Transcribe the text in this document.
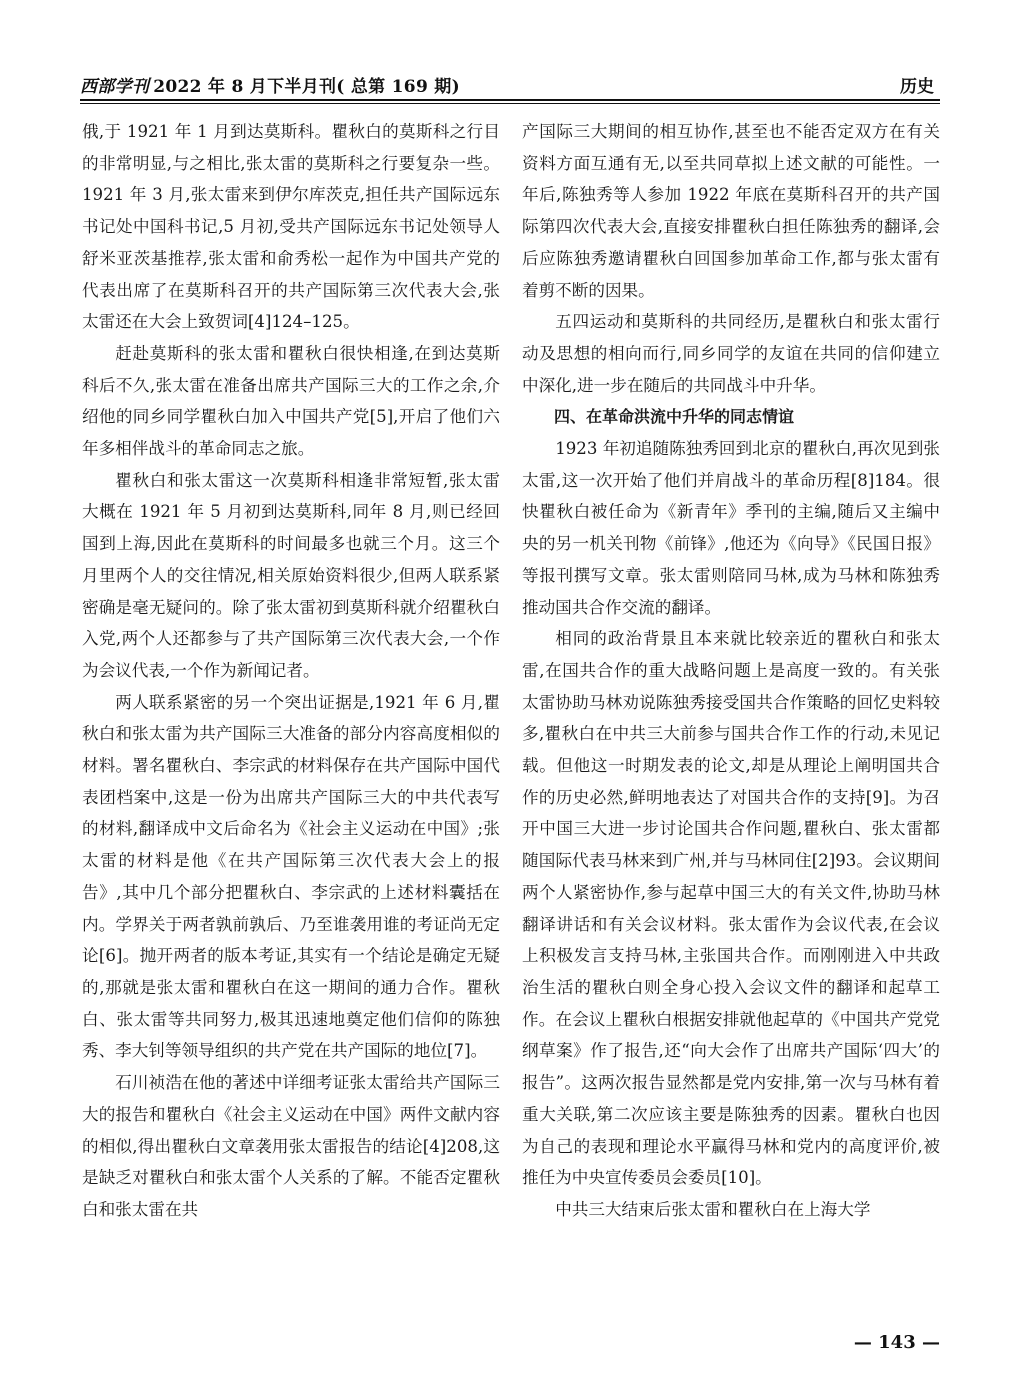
西部学刊 2022 年 8 月下半月刊( 总第 169 期)	历史

俄,于 1921 年 1 月到达莫斯科。瞿秋白的莫斯科之行目的非常明显,与之相比,张太雷的莫斯科之行要复杂一些。1921 年 3 月,张太雷来到伊尔库茨克,担任共产国际远东书记处中国科书记,5 月初,受共产国际远东书记处领导人舒米亚茨基推荐,张太雷和俞秀松一起作为中国共产党的代表出席了在莫斯科召开的共产国际第三次代表大会,张太雷还在大会上致贺词[4]124–125。

赶赴莫斯科的张太雷和瞿秋白很快相逢,在到达莫斯科后不久,张太雷在准备出席共产国际三大的工作之余,介绍他的同乡同学瞿秋白加入中国共产党[5],开启了他们六年多相伴战斗的革命同志之旅。

瞿秋白和张太雷这一次莫斯科相逢非常短暂,张太雷大概在 1921 年 5 月初到达莫斯科,同年 8 月,则已经回国到上海,因此在莫斯科的时间最多也就三个月。这三个月里两个人的交往情况,相关原始资料很少,但两人联系紧密确是毫无疑问的。除了张太雷初到莫斯科就介绍瞿秋白入党,两个人还都参与了共产国际第三次代表大会,一个作为会议代表,一个作为新闻记者。

两人联系紧密的另一个突出证据是,1921 年 6 月,瞿秋白和张太雷为共产国际三大准备的部分内容高度相似的材料。署名瞿秋白、李宗武的材料保存在共产国际中国代表团档案中,这是一份为出席共产国际三大的中共代表写的材料,翻译成中文后命名为《社会主义运动在中国》;张太雷的材料是他《在共产国际第三次代表大会上的报告》,其中几个部分把瞿秋白、李宗武的上述材料囊括在内。学界关于两者孰前孰后、乃至谁袭用谁的考证尚无定论[6]。抛开两者的版本考证,其实有一个结论是确定无疑的,那就是张太雷和瞿秋白在这一期间的通力合作。瞿秋白、张太雷等共同努力,极其迅速地奠定他们信仰的陈独秀、李大钊等领导组织的共产党在共产国际的地位[7]。

石川祯浩在他的著述中详细考证张太雷给共产国际三大的报告和瞿秋白《社会主义运动在中国》两件文献内容的相似,得出瞿秋白文章袭用张太雷报告的结论[4]208,这是缺乏对瞿秋白和张太雷个人关系的了解。不能否定瞿秋白和张太雷在共

产国际三大期间的相互协作,甚至也不能否定双方在有关资料方面互通有无,以至共同草拟上述文献的可能性。一年后,陈独秀等人参加 1922 年底在莫斯科召开的共产国际第四次代表大会,直接安排瞿秋白担任陈独秀的翻译,会后应陈独秀邀请瞿秋白回国参加革命工作,都与张太雷有着剪不断的因果。

五四运动和莫斯科的共同经历,是瞿秋白和张太雷行动及思想的相向而行,同乡同学的友谊在共同的信仰建立中深化,进一步在随后的共同战斗中升华。

四、在革命洪流中升华的同志情谊

1923 年初追随陈独秀回到北京的瞿秋白,再次见到张太雷,这一次开始了他们并肩战斗的革命历程[8]184。很快瞿秋白被任命为《新青年》季刊的主编,随后又主编中央的另一机关刊物《前锋》,他还为《向导》《民国日报》等报刊撰写文章。张太雷则陪同马林,成为马林和陈独秀推动国共合作交流的翻译。

相同的政治背景且本来就比较亲近的瞿秋白和张太雷,在国共合作的重大战略问题上是高度一致的。有关张太雷协助马林劝说陈独秀接受国共合作策略的回忆史料较多,瞿秋白在中共三大前参与国共合作工作的行动,未见记载。但他这一时期发表的论文,却是从理论上阐明国共合作的历史必然,鲜明地表达了对国共合作的支持[9]。为召开中国三大进一步讨论国共合作问题,瞿秋白、张太雷都随国际代表马林来到广州,并与马林同住[2]93。会议期间两个人紧密协作,参与起草中国三大的有关文件,协助马林翻译讲话和有关会议材料。张太雷作为会议代表,在会议上积极发言支持马林,主张国共合作。而刚刚进入中共政治生活的瞿秋白则全身心投入会议文件的翻译和起草工作。在会议上瞿秋白根据安排就他起草的《中国共产党党纲草案》作了报告,还“向大会作了出席共产国际‘四大’的报告”。这两次报告显然都是党内安排,第一次与马林有着重大关联,第二次应该主要是陈独秀的因素。瞿秋白也因为自己的表现和理论水平赢得马林和党内的高度评价,被推任为中央宣传委员会委员[10]。

中共三大结束后张太雷和瞿秋白在上海大学

— 143 —
